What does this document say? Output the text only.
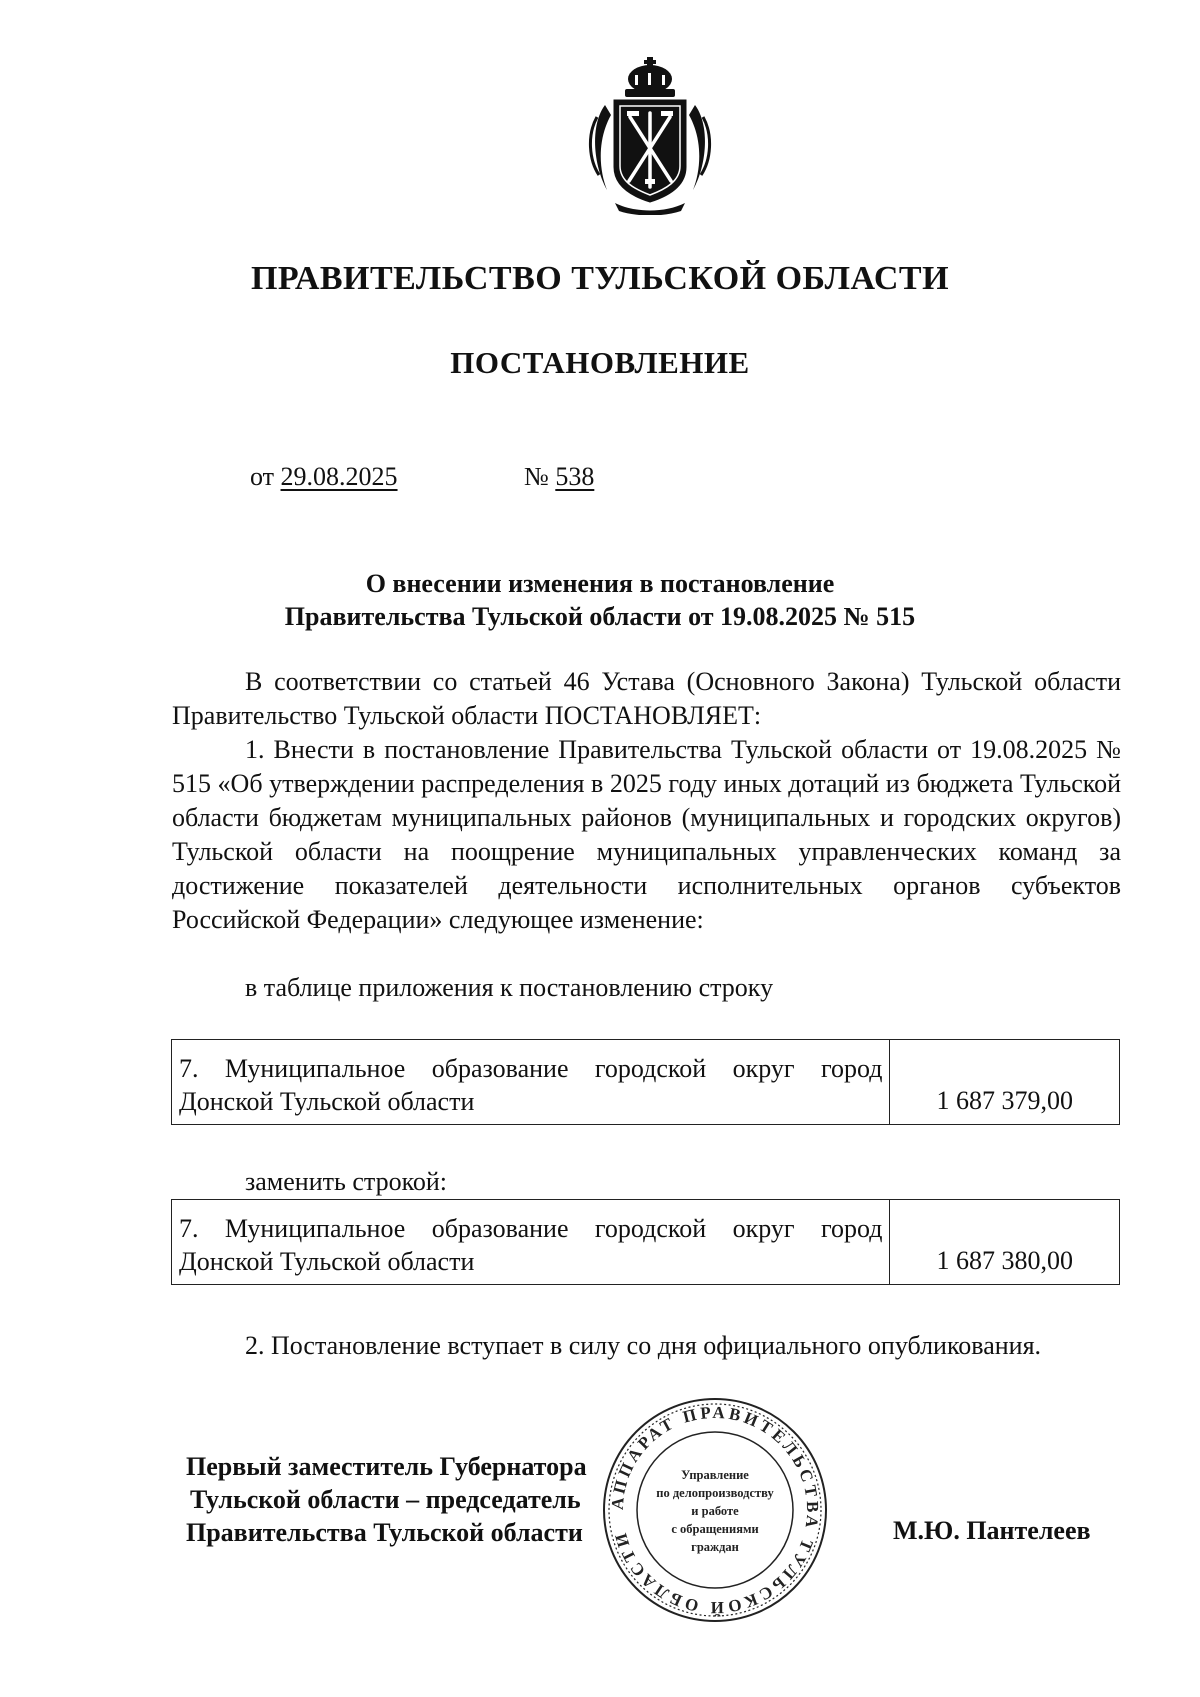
ПРАВИТЕЛЬСТВО ТУЛЬСКОЙ ОБЛАСТИ
ПОСТАНОВЛЕНИЕ
от 29.08.2025	№ 538
О внесении изменения в постановление
Правительства Тульской области от 19.08.2025 № 515
В соответствии со статьей 46 Устава (Основного Закона) Тульской области Правительство Тульской области ПОСТАНОВЛЯЕТ:
1. Внести в постановление Правительства Тульской области от 19.08.2025 № 515 «Об утверждении распределения в 2025 году иных дотаций из бюджета Тульской области бюджетам муниципальных районов (муниципальных и городских округов) Тульской области на поощрение муниципальных управленческих команд за достижение показателей деятельности исполнительных органов субъектов Российской Федерации» следующее изменение:
в таблице приложения к постановлению строку
7. Муниципальное образование городской округ город
Донской Тульской области	1 687 379,00
заменить строкой:
7. Муниципальное образование городской округ город
Донской Тульской области	1 687 380,00
2. Постановление вступает в силу со дня официального опубликования.
АППАРАТ ПРАВИТЕЛЬСТВА ТУЛЬСКОЙ ОБЛАСТИ
Управление
по делопроизводству
и работе
с обращениями
граждан
Первый заместитель Губернатора
Тульской области – председатель
Правительства Тульской области	М.Ю. Пантелеев
